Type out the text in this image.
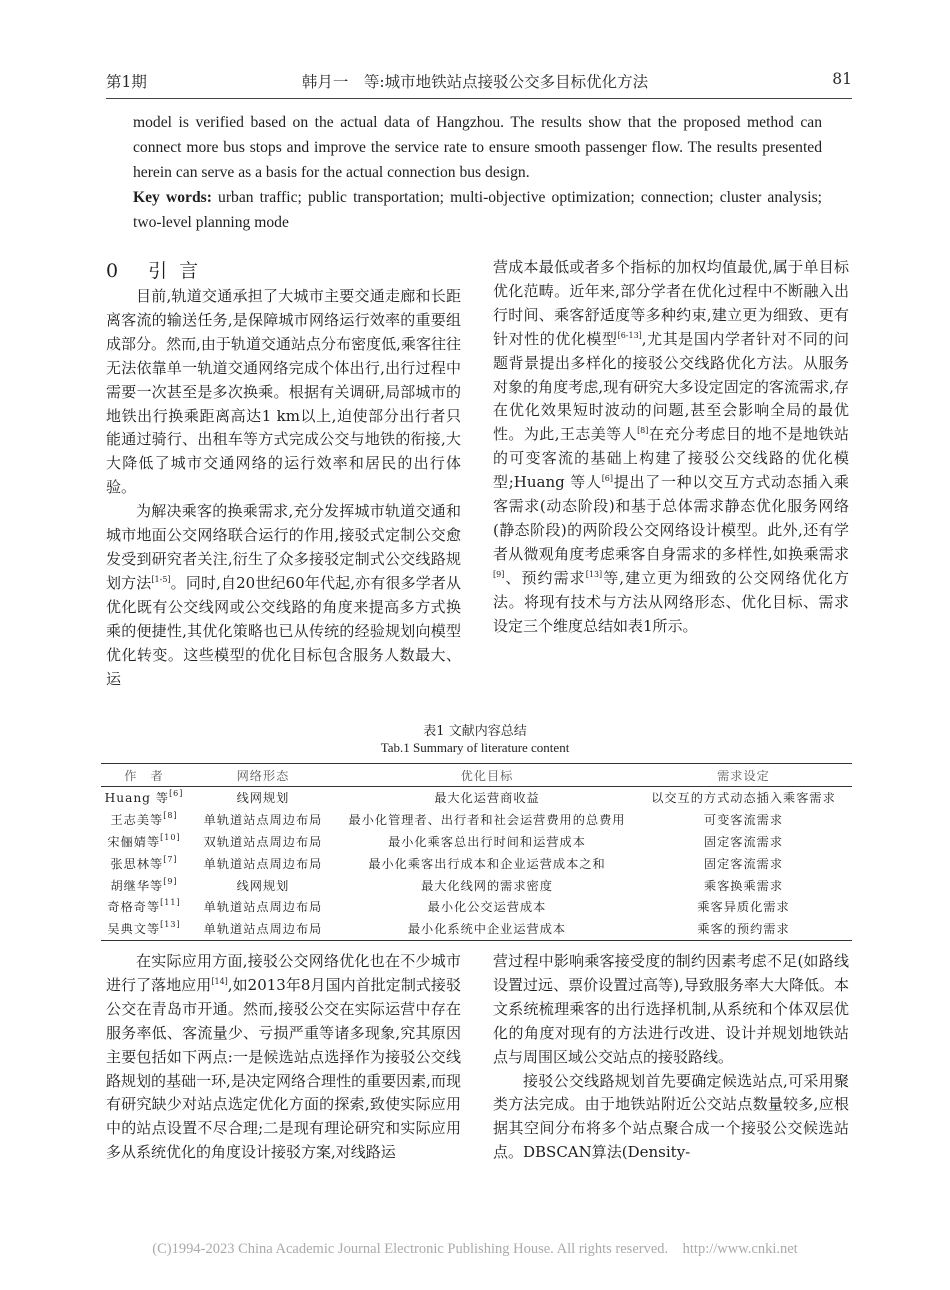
第1期	韩月一　等:城市地铁站点接驳公交多目标优化方法	81
model is verified based on the actual data of Hangzhou. The results show that the proposed method can connect more bus stops and improve the service rate to ensure smooth passenger flow. The results presented herein can serve as a basis for the actual connection bus design.
Key words: urban traffic; public transportation; multi-objective optimization; connection; cluster analysis; two-level planning mode
0 引言

目前,轨道交通承担了大城市主要交通走廊和长距离客流的输送任务,是保障城市网络运行效率的重要组成部分。然而,由于轨道交通站点分布密度低,乘客往往无法依靠单一轨道交通网络完成个体出行,出行过程中需要一次甚至是多次换乘。根据有关调研,局部城市的地铁出行换乘距离高达1 km以上,迫使部分出行者只能通过骑行、出租车等方式完成公交与地铁的衔接,大大降低了城市交通网络的运行效率和居民的出行体验。

为解决乘客的换乘需求,充分发挥城市轨道交通和城市地面公交网络联合运行的作用,接驳式定制公交愈发受到研究者关注,衍生了众多接驳定制式公交线路规划方法[1-5]。同时,自20世纪60年代起,亦有很多学者从优化既有公交线网或公交线路的角度来提高多方式换乘的便捷性,其优化策略也已从传统的经验规划向模型优化转变。这些模型的优化目标包含服务人数最大、运

营成本最低或者多个指标的加权均值最优,属于单目标优化范畴。近年来,部分学者在优化过程中不断融入出行时间、乘客舒适度等多种约束,建立更为细致、更有针对性的优化模型[6-13],尤其是国内学者针对不同的问题背景提出多样化的接驳公交线路优化方法。从服务对象的角度考虑,现有研究大多设定固定的客流需求,存在优化效果短时波动的问题,甚至会影响全局的最优性。为此,王志美等人[8]在充分考虑目的地不是地铁站的可变客流的基础上构建了接驳公交线路的优化模型;Huang 等人[6]提出了一种以交互方式动态插入乘客需求(动态阶段)和基于总体需求静态优化服务网络(静态阶段)的两阶段公交网络设计模型。此外,还有学者从微观角度考虑乘客自身需求的多样性,如换乘需求[9]、预约需求[13]等,建立更为细致的公交网络优化方法。将现有技术与方法从网络形态、优化目标、需求设定三个维度总结如表1所示。

表1 文献内容总结
Tab.1 Summary of literature content
作　者	网络形态	优化目标	需求设定
Huang 等[6]	线网规划	最大化运营商收益	以交互的方式动态插入乘客需求
王志美等[8]	单轨道站点周边布局	最小化管理者、出行者和社会运营费用的总费用	可变客流需求
宋俪婧等[10]	双轨道站点周边布局	最小化乘客总出行时间和运营成本	固定客流需求
张思林等[7]	单轨道站点周边布局	最小化乘客出行成本和企业运营成本之和	固定客流需求
胡继华等[9]	线网规划	最大化线网的需求密度	乘客换乘需求
奇格奇等[11]	单轨道站点周边布局	最小化公交运营成本	乘客异质化需求
吴典文等[13]	单轨道站点周边布局	最小化系统中企业运营成本	乘客的预约需求

在实际应用方面,接驳公交网络优化也在不少城市进行了落地应用[14],如2013年8月国内首批定制式接驳公交在青岛市开通。然而,接驳公交在实际运营中存在服务率低、客流量少、亏损严重等诸多现象,究其原因主要包括如下两点:一是候选站点选择作为接驳公交线路规划的基础一环,是决定网络合理性的重要因素,而现有研究缺少对站点选定优化方面的探索,致使实际应用中的站点设置不尽合理;二是现有理论研究和实际应用多从系统优化的角度设计接驳方案,对线路运

营过程中影响乘客接受度的制约因素考虑不足(如路线设置过远、票价设置过高等),导致服务率大大降低。本文系统梳理乘客的出行选择机制,从系统和个体双层优化的角度对现有的方法进行改进、设计并规划地铁站点与周围区域公交站点的接驳路线。

接驳公交线路规划首先要确定候选站点,可采用聚类方法完成。由于地铁站附近公交站点数量较多,应根据其空间分布将多个站点聚合成一个接驳公交候选站点。DBSCAN算法(Density-

(C)1994-2023 China Academic Journal Electronic Publishing House. All rights reserved. http://www.cnki.net
